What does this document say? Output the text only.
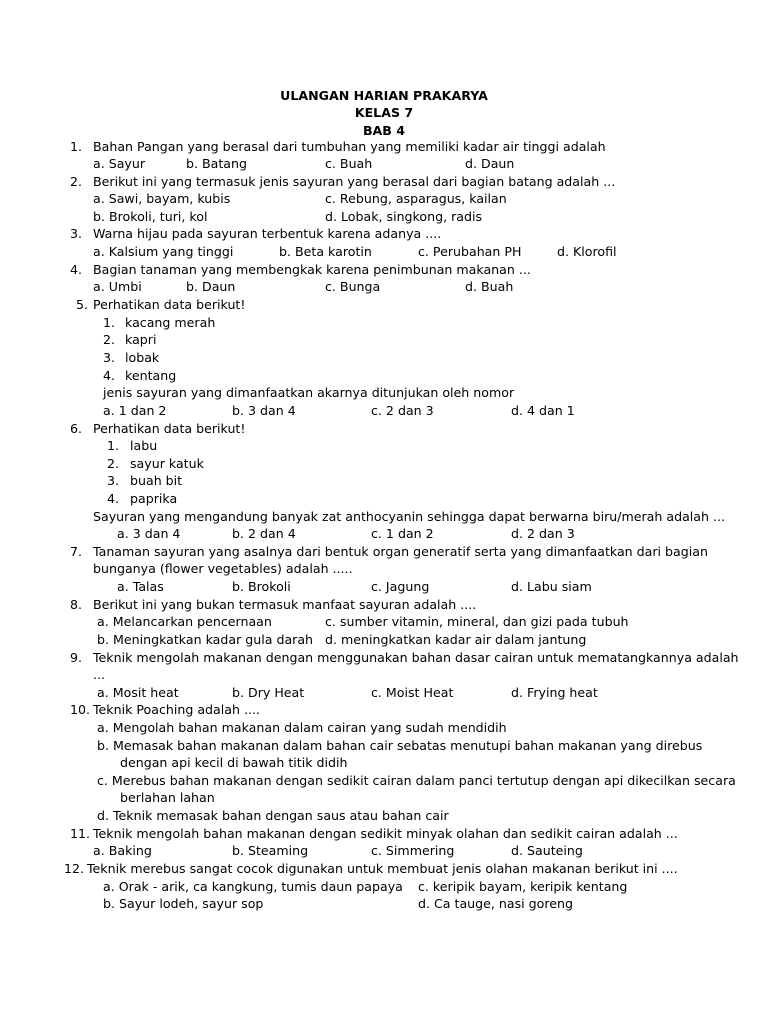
ULANGAN HARIAN PRAKARYA
KELAS 7
BAB 4
1. Bahan Pangan yang berasal dari tumbuhan yang memiliki kadar air tinggi adalah
a. Sayur	b. Batang	c. Buah	d. Daun
2. Berikut ini yang termasuk jenis sayuran yang berasal dari bagian batang adalah ...
a. Sawi, bayam, kubis	c. Rebung, asparagus, kailan
b. Brokoli, turi, kol	d. Lobak, singkong, radis
3. Warna hijau pada sayuran terbentuk karena adanya ....
a. Kalsium yang tinggi	b. Beta karotin	c. Perubahan PH	d. Klorofil
4. Bagian tanaman yang membengkak karena penimbunan makanan ...
a. Umbi	b. Daun	c. Bunga	d. Buah
5. Perhatikan data berikut!
1. kacang merah
2. kapri
3. lobak
4. kentang
jenis sayuran yang dimanfaatkan akarnya ditunjukan oleh nomor
a. 1 dan 2	b. 3 dan 4	c. 2 dan 3	d. 4 dan 1
6. Perhatikan data berikut!
1. labu
2. sayur katuk
3. buah bit
4. paprika
Sayuran yang mengandung banyak zat anthocyanin sehingga dapat berwarna biru/merah adalah ...
a. 3 dan 4	b. 2 dan 4	c. 1 dan 2	d. 2 dan 3
7. Tanaman sayuran yang asalnya dari bentuk organ generatif serta yang dimanfaatkan dari bagian
bunganya (flower vegetables) adalah .....
a. Talas	b. Brokoli	c. Jagung	d. Labu siam
8. Berikut ini yang bukan termasuk manfaat sayuran adalah ....
a. Melancarkan pencernaan	c. sumber vitamin, mineral, dan gizi pada tubuh
b. Meningkatkan kadar gula darah d. meningkatkan kadar air dalam jantung
9. Teknik mengolah makanan dengan menggunakan bahan dasar cairan untuk mematangkannya adalah
...
a. Mosit heat	b. Dry Heat	c. Moist Heat	d. Frying heat
10. Teknik Poaching adalah ....
a. Mengolah bahan makanan dalam cairan yang sudah mendidih
b. Memasak bahan makanan dalam bahan cair sebatas menutupi bahan makanan yang direbus
dengan api kecil di bawah titik didih
c. Merebus bahan makanan dengan sedikit cairan dalam panci tertutup dengan api dikecilkan secara
berlahan lahan
d. Teknik memasak bahan dengan saus atau bahan cair
11. Teknik mengolah bahan makanan dengan sedikit minyak olahan dan sedikit cairan adalah ...
a. Baking	b. Steaming	c. Simmering	d. Sauteing
12. Teknik merebus sangat cocok digunakan untuk membuat jenis olahan makanan berikut ini ....
a. Orak - arik, ca kangkung, tumis daun papaya c. keripik bayam, keripik kentang
b. Sayur lodeh, sayur sop	d. Ca tauge, nasi goreng
